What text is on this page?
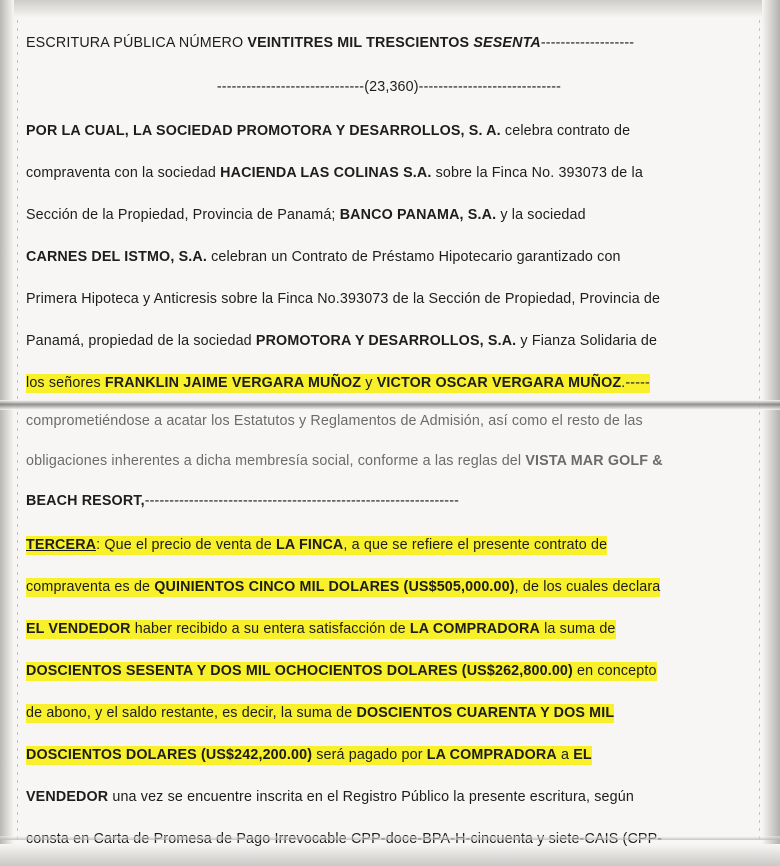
ESCRITURA PÚBLICA NÚMERO VEINTITRES MIL TRESCIENTOS SESENTA-------------------
------------------------------(23,360)-----------------------------
POR LA CUAL, LA SOCIEDAD PROMOTORA Y DESARROLLOS, S. A. celebra contrato de
compraventa con la sociedad HACIENDA LAS COLINAS S.A. sobre la Finca No. 393073 de la
Sección de la Propiedad, Provincia de Panamá; BANCO PANAMA, S.A. y la sociedad
CARNES DEL ISTMO, S.A. celebran un Contrato de Préstamo Hipotecario garantizado con
Primera Hipoteca y Anticresis sobre la Finca No.393073 de la Sección de Propiedad, Provincia de
Panamá, propiedad de la sociedad PROMOTORA Y DESARROLLOS, S.A. y Fianza Solidaria de
los señores FRANKLIN JAIME VERGARA MUÑOZ y VICTOR OSCAR VERGARA MUÑOZ.-----
comprometiéndose a acatar los Estatutos y Reglamentos de Admisión, así como el resto de las
obligaciones inherentes a dicha membresía social, conforme a las reglas del VISTA MAR GOLF &
BEACH RESORT,----------------------------------------------------------------
TERCERA: Que el precio de venta de LA FINCA, a que se refiere el presente contrato de
compraventa es de QUINIENTOS CINCO MIL DOLARES (US$505,000.00), de los cuales declara
EL VENDEDOR haber recibido a su entera satisfacción de LA COMPRADORA la suma de
DOSCIENTOS SESENTA Y DOS MIL OCHOCIENTOS DOLARES (US$262,800.00) en concepto
de abono, y el saldo restante, es decir, la suma de DOSCIENTOS CUARENTA Y DOS MIL
DOSCIENTOS DOLARES (US$242,200.00) será pagado por LA COMPRADORA a EL
VENDEDOR una vez se encuentre inscrita en el Registro Público la presente escritura, según
